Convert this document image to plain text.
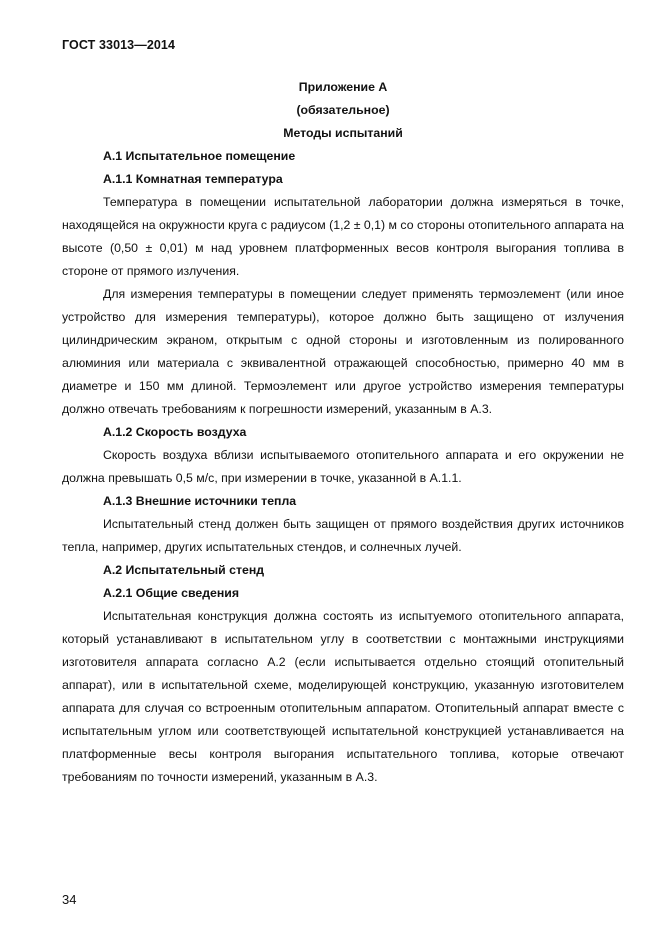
ГОСТ 33013—2014

Приложение А

(обязательное)

Методы испытаний

А.1 Испытательное помещение

А.1.1 Комнатная температура

Температура в помещении испытательной лаборатории должна измеряться в точке, находящейся на окружности круга с радиусом (1,2 ± 0,1) м со стороны отопительного аппарата на высоте (0,50 ± 0,01) м над уровнем платформенных весов контроля выгорания топлива в стороне от прямого излучения.

Для измерения температуры в помещении следует применять термоэлемент (или иное устройство для измерения температуры), которое должно быть защищено от излучения цилиндрическим экраном, открытым с одной стороны и изготовленным из полированного алюминия или материала с эквивалентной отражающей способностью, примерно 40 мм в диаметре и 150 мм длиной. Термоэлемент или другое устройство измерения температуры должно отвечать требованиям к погрешности измерений, указанным в А.3.

А.1.2 Скорость воздуха

Скорость воздуха вблизи испытываемого отопительного аппарата и его окружении не должна превышать 0,5 м/с, при измерении в точке, указанной в А.1.1.

А.1.3 Внешние источники тепла

Испытательный стенд должен быть защищен от прямого воздействия других источников тепла, например, других испытательных стендов, и солнечных лучей.

А.2 Испытательный стенд

А.2.1 Общие сведения

Испытательная конструкция должна состоять из испытуемого отопительного аппарата, который устанавливают в испытательном углу в соответствии с монтажными инструкциями изготовителя аппарата согласно А.2 (если испытывается отдельно стоящий отопительный аппарат), или в испытательной схеме, моделирующей конструкцию, указанную изготовителем аппарата для случая со встроенным отопительным аппаратом. Отопительный аппарат вместе с испытательным углом или соответствующей испытательной конструкцией устанавливается на платформенные весы контроля выгорания испытательного топлива, которые отвечают требованиям по точности измерений, указанным в А.3.

34
